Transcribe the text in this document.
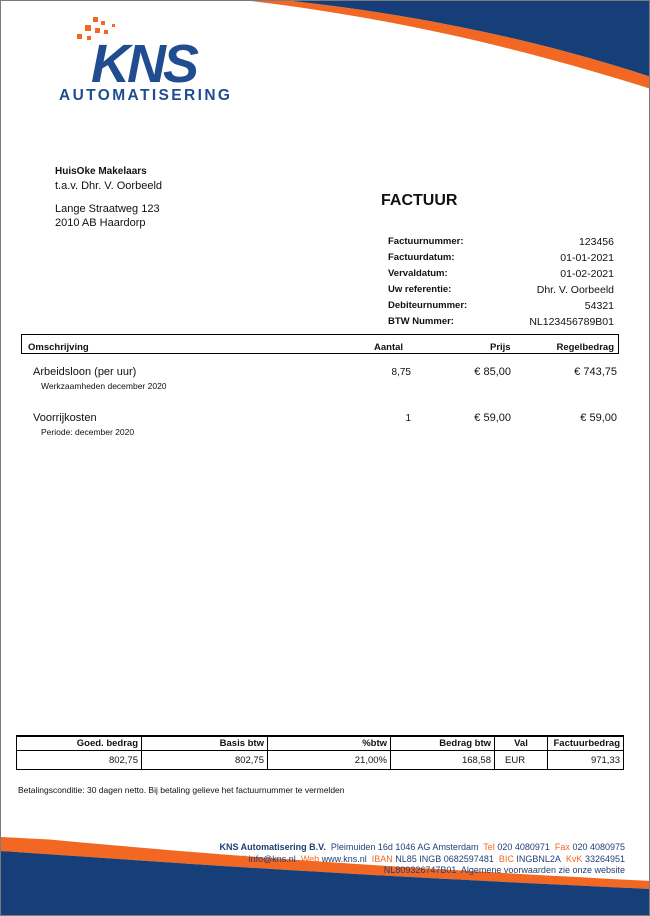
KNS
AUTOMATISERING
HuisOke Makelaars
t.a.v. Dhr. V. Oorbeeld
Lange Straatweg 123
2010 AB Haardorp
FACTUUR
Factuurnummer:	123456
Factuurdatum:	01-01-2021
Vervaldatum:	01-02-2021
Uw referentie:	Dhr. V. Oorbeeld
Debiteurnummer:	54321
BTW Nummer:	NL123456789B01
Omschrijving	Aantal	Prijs	Regelbedrag
Arbeidsloon (per uur)
Werkzaamheden december 2020
8,75	€ 85,00	€ 743,75
Voorrijkosten
Periode: december 2020
1	€ 59,00	€ 59,00
Goed. bedrag	Basis btw	%btw	Bedrag btw	Val	Factuurbedrag
802,75	802,75	21,00%	168,58	EUR	971,33
Betalingsconditie: 30 dagen netto. Bij betaling gelieve het factuurnummer te vermelden
KNS Automatisering B.V. Pleimuiden 16d 1046 AG Amsterdam Tel 020 4080971 Fax 020 4080975
Mail info@kns.nl Web www.kns.nl IBAN NL85 INGB 0682597481 BIC INGBNL2A KvK 33264951
BTW NL809326747B01 Algemene voorwaarden zie onze website
